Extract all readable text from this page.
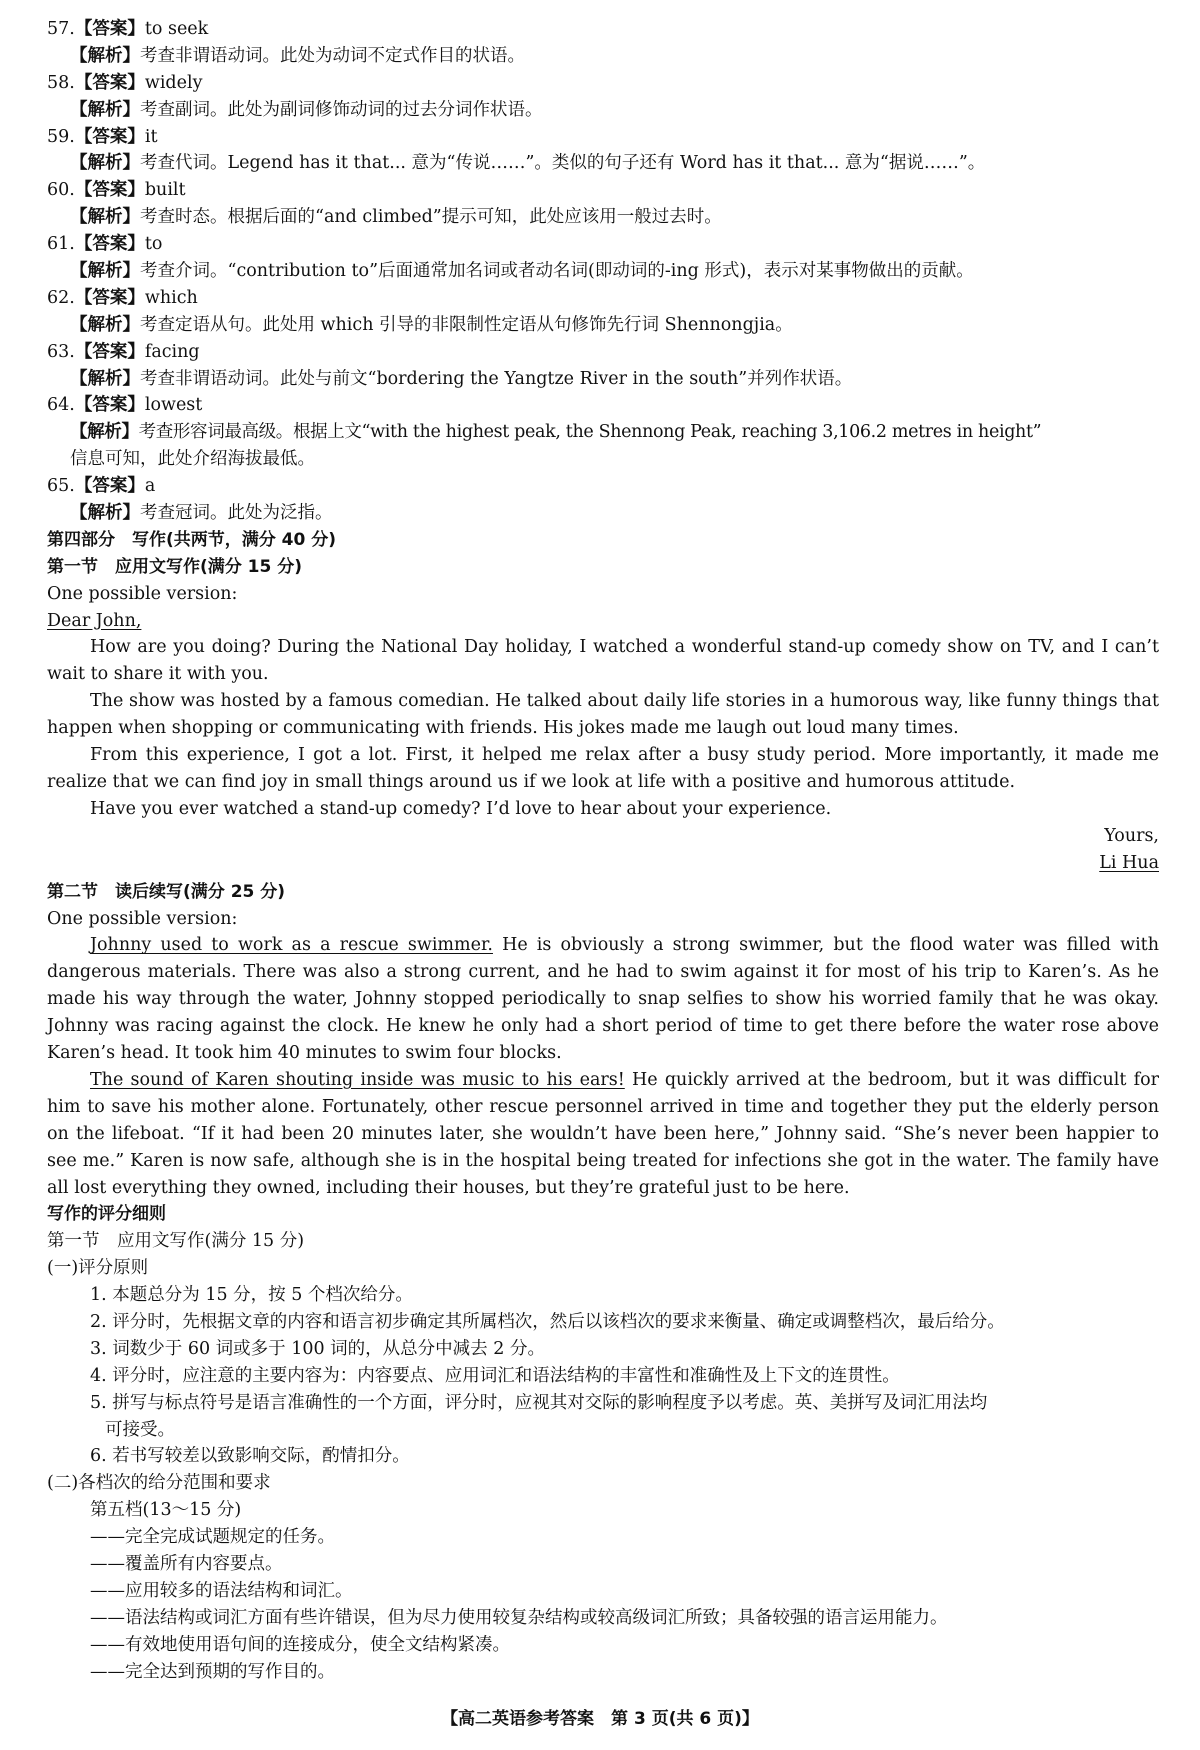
57.【答案】to seek
【解析】考查非谓语动词。此处为动词不定式作目的状语。
58.【答案】widely
【解析】考查副词。此处为副词修饰动词的过去分词作状语。
59.【答案】it
【解析】考查代词。Legend has it that... 意为“传说……”。类似的句子还有 Word has it that... 意为“据说……”。
60.【答案】built
【解析】考查时态。根据后面的“and climbed”提示可知，此处应该用一般过去时。
61.【答案】to
【解析】考查介词。“contribution to”后面通常加名词或者动名词(即动词的-ing 形式)，表示对某事物做出的贡献。
62.【答案】which
【解析】考查定语从句。此处用 which 引导的非限制性定语从句修饰先行词 Shennongjia。
63.【答案】facing
【解析】考查非谓语动词。此处与前文“bordering the Yangtze River in the south”并列作状语。
64.【答案】lowest
【解析】考查形容词最高级。根据上文“with the highest peak, the Shennong Peak, reaching 3,106.2 metres in height”
信息可知，此处介绍海拔最低。
65.【答案】a
【解析】考查冠词。此处为泛指。
第四部分　写作(共两节，满分 40 分)
第一节　应用文写作(满分 15 分)
One possible version:
Dear John,
How are you doing? During the National Day holiday, I watched a wonderful stand-up comedy show on TV, and I can’t wait to share it with you.
The show was hosted by a famous comedian. He talked about daily life stories in a humorous way, like funny things that happen when shopping or communicating with friends. His jokes made me laugh out loud many times.
From this experience, I got a lot. First, it helped me relax after a busy study period. More importantly, it made me realize that we can find joy in small things around us if we look at life with a positive and humorous attitude.
Have you ever watched a stand-up comedy? I’d love to hear about your experience.
Yours,
Li Hua
第二节　读后续写(满分 25 分)
One possible version:
Johnny used to work as a rescue swimmer. He is obviously a strong swimmer, but the flood water was filled with dangerous materials. There was also a strong current, and he had to swim against it for most of his trip to Karen’s. As he made his way through the water, Johnny stopped periodically to snap selfies to show his worried family that he was okay. Johnny was racing against the clock. He knew he only had a short period of time to get there before the water rose above Karen’s head. It took him 40 minutes to swim four blocks.
The sound of Karen shouting inside was music to his ears! He quickly arrived at the bedroom, but it was difficult for him to save his mother alone. Fortunately, other rescue personnel arrived in time and together they put the elderly person on the lifeboat. “If it had been 20 minutes later, she wouldn’t have been here,” Johnny said. “She’s never been happier to see me.” Karen is now safe, although she is in the hospital being treated for infections she got in the water. The family have all lost everything they owned, including their houses, but they’re grateful just to be here.
写作的评分细则
第一节　应用文写作(满分 15 分)
(一)评分原则
1. 本题总分为 15 分，按 5 个档次给分。
2. 评分时，先根据文章的内容和语言初步确定其所属档次，然后以该档次的要求来衡量、确定或调整档次，最后给分。
3. 词数少于 60 词或多于 100 词的，从总分中减去 2 分。
4. 评分时，应注意的主要内容为：内容要点、应用词汇和语法结构的丰富性和准确性及上下文的连贯性。
5. 拼写与标点符号是语言准确性的一个方面，评分时，应视其对交际的影响程度予以考虑。英、美拼写及词汇用法均
可接受。
6. 若书写较差以致影响交际，酌情扣分。
(二)各档次的给分范围和要求
第五档(13～15 分)
——完全完成试题规定的任务。
——覆盖所有内容要点。
——应用较多的语法结构和词汇。
——语法结构或词汇方面有些许错误，但为尽力使用较复杂结构或较高级词汇所致；具备较强的语言运用能力。
——有效地使用语句间的连接成分，使全文结构紧凑。
——完全达到预期的写作目的。
【高二英语参考答案　第 3 页(共 6 页)】
